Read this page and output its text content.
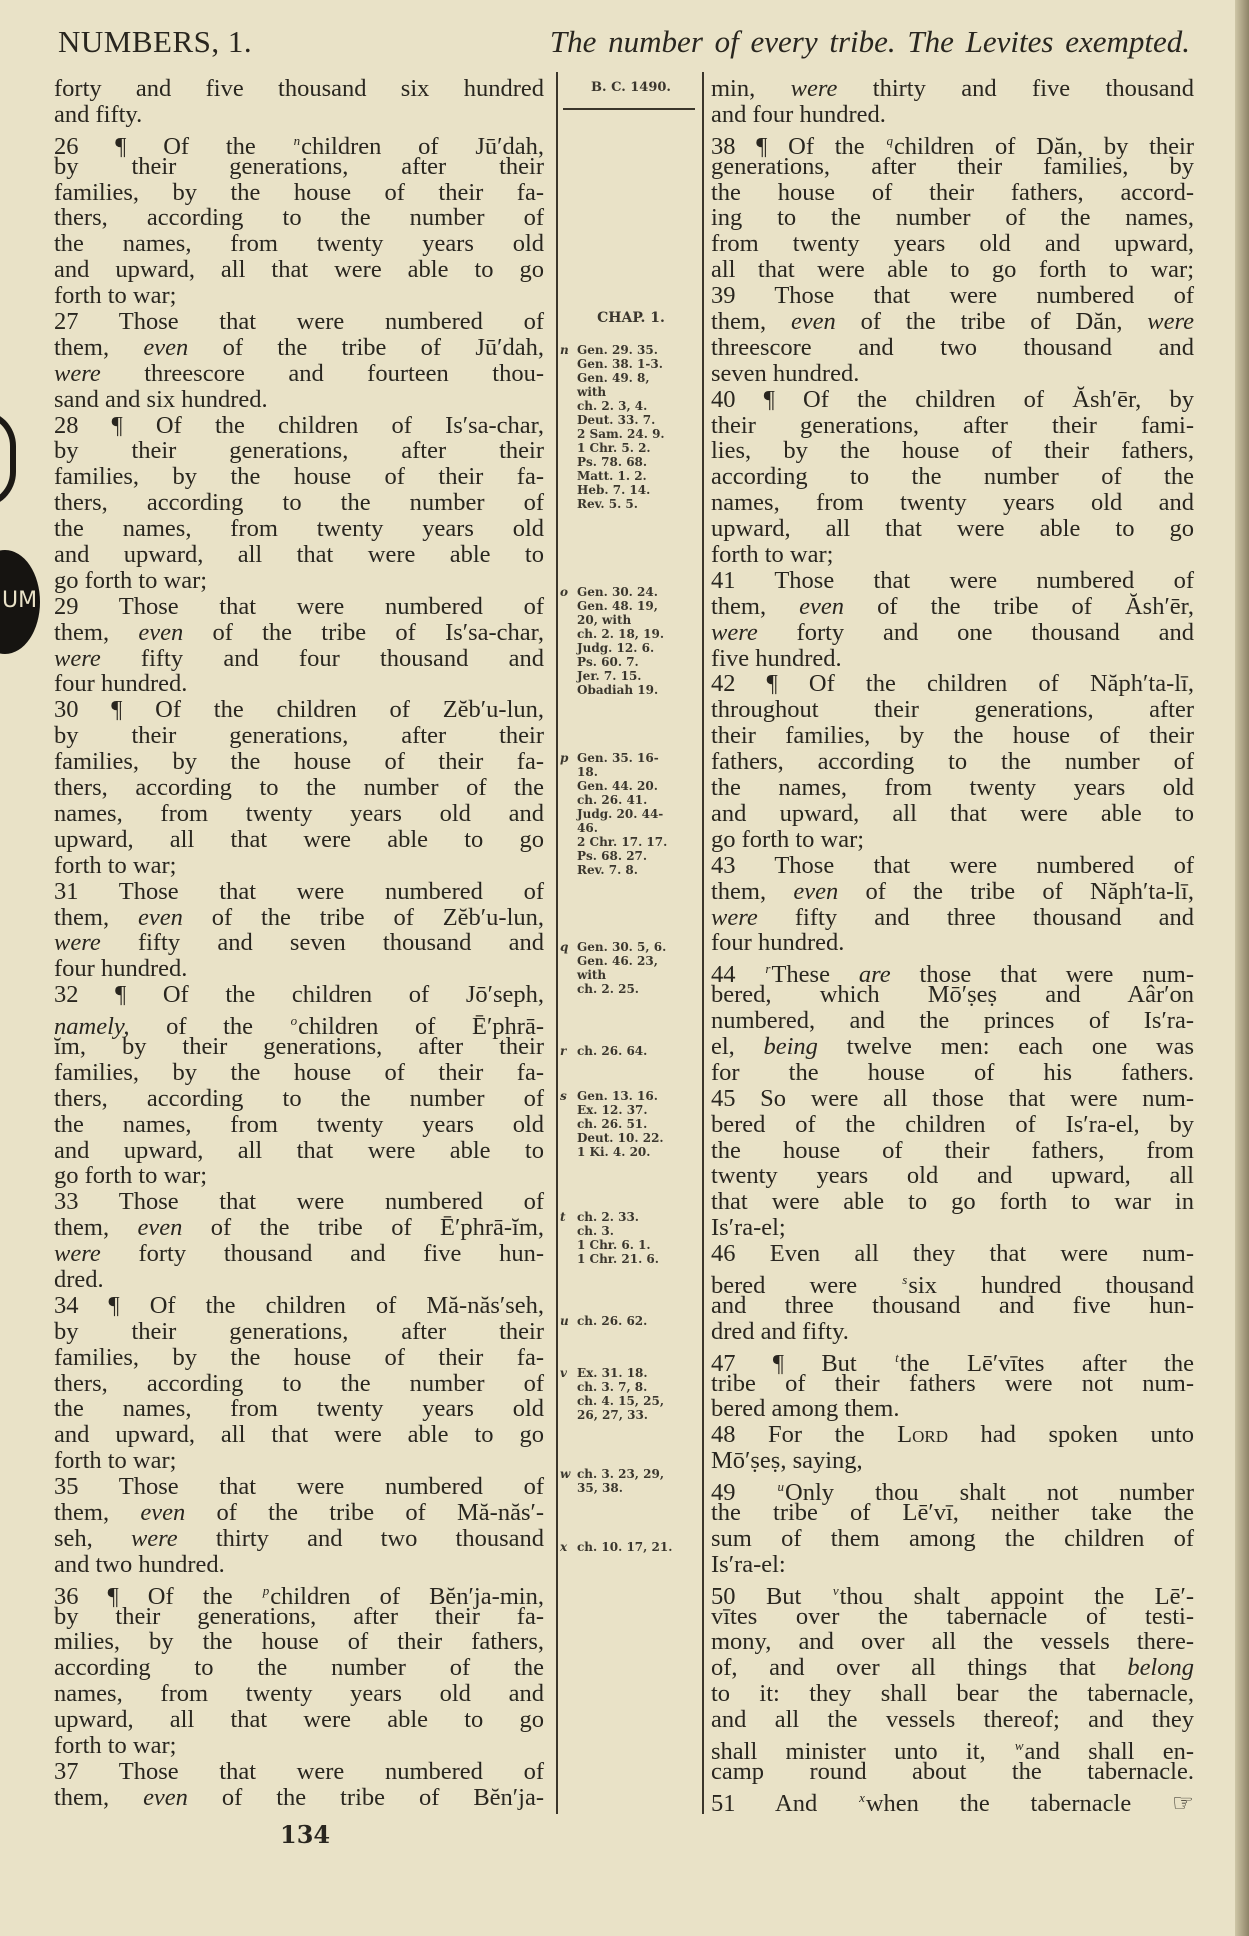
UM
NUMBERS, 1.	The number of every tribe. The Levites exempted.
B. C. 1490.
CHAP. 1.
forty and five thousand six hundred
and fifty.
26 ¶ Of the $^n$children of Jū′dah,
by their generations, after their
families, by the house of their fa-
thers, according to the number of
the names, from twenty years old
and upward, all that were able to go
forth to war;
27 Those that were numbered of
them, even of the tribe of Jū′dah,
were threescore and fourteen thou-
sand and six hundred.
28 ¶ Of the children of Is′sa-char,
by their generations, after their
families, by the house of their fa-
thers, according to the number of
the names, from twenty years old
and upward, all that were able to
go forth to war;
29 Those that were numbered of
them, even of the tribe of Is′sa-char,
were fifty and four thousand and
four hundred.
30 ¶ Of the children of Zĕb′u-lun,
by their generations, after their
families, by the house of their fa-
thers, according to the number of the
names, from twenty years old and
upward, all that were able to go
forth to war;
31 Those that were numbered of
them, even of the tribe of Zĕb′u-lun,
were fifty and seven thousand and
four hundred.
32 ¶ Of the children of Jō′seph,
namely, of the $^o$children of Ē′phrā-
ĭm, by their generations, after their
families, by the house of their fa-
thers, according to the number of
the names, from twenty years old
and upward, all that were able to
go forth to war;
33 Those that were numbered of
them, even of the tribe of Ē′phrā-ĭm,
were forty thousand and five hun-
dred.
34 ¶ Of the children of Mă-năs′seh,
by their generations, after their
families, by the house of their fa-
thers, according to the number of
the names, from twenty years old
and upward, all that were able to go
forth to war;
35 Those that were numbered of
them, even of the tribe of Mă-năs′-
seh, were thirty and two thousand
and two hundred.
36 ¶ Of the $^p$children of Bĕn′ja-min,
by their generations, after their fa-
milies, by the house of their fathers,
according to the number of the
names, from twenty years old and
upward, all that were able to go
forth to war;
37 Those that were numbered of
them, even of the tribe of Bĕn′ja-
min, were thirty and five thousand
and four hundred.
38 ¶ Of the $^q$children of Dăn, by their
generations, after their families, by
the house of their fathers, accord-
ing to the number of the names,
from twenty years old and upward,
all that were able to go forth to war;
39 Those that were numbered of
them, even of the tribe of Dăn, were
threescore and two thousand and
seven hundred.
40 ¶ Of the children of Ăsh′ēr, by
their generations, after their fami-
lies, by the house of their fathers,
according to the number of the
names, from twenty years old and
upward, all that were able to go
forth to war;
41 Those that were numbered of
them, even of the tribe of Ăsh′ēr,
were forty and one thousand and
five hundred.
42 ¶ Of the children of Năph′ta-lī,
throughout their generations, after
their families, by the house of their
fathers, according to the number of
the names, from twenty years old
and upward, all that were able to
go forth to war;
43 Those that were numbered of
them, even of the tribe of Năph′ta-lī,
were fifty and three thousand and
four hundred.
44 $^r$These are those that were num-
bered, which Mō′ṣeṣ and Aâr′on
numbered, and the princes of Is′ra-
el, being twelve men: each one was
for the house of his fathers.
45 So were all those that were num-
bered of the children of Is′ra-el, by
the house of their fathers, from
twenty years old and upward, all
that were able to go forth to war in
Is′ra-el;
46 Even all they that were num-
bered were $^s$six hundred thousand
and three thousand and five hun-
dred and fifty.
47 ¶ But $^t$the Lē′vītes after the
tribe of their fathers were not num-
bered among them.
48 For the Lord had spoken unto
Mō′ṣeṣ, saying,
49 $^u$Only thou shalt not number
the tribe of Lē′vī, neither take the
sum of them among the children of
Is′ra-el:
50 But $^v$thou shalt appoint the Lē′-
vītes over the tabernacle of testi-
mony, and over all the vessels there-
of, and over all things that belong
to it: they shall bear the tabernacle,
and all the vessels thereof; and they
shall minister unto it, $^w$and shall en-
camp round about the tabernacle.
51 And $^x$when the tabernacle ☞
n Gen. 29. 35.
Gen. 38. 1-3.
Gen. 49. 8,
with
ch. 2. 3, 4.
Deut. 33. 7.
2 Sam. 24. 9.
1 Chr. 5. 2.
Ps. 78. 68.
Matt. 1. 2.
Heb. 7. 14.
Rev. 5. 5.
o Gen. 30. 24.
Gen. 48. 19,
20, with
ch. 2. 18, 19.
Judg. 12. 6.
Ps. 60. 7.
Jer. 7. 15.
Obadiah 19.
p Gen. 35. 16-
18.
Gen. 44. 20.
ch. 26. 41.
Judg. 20. 44-
46.
2 Chr. 17. 17.
Ps. 68. 27.
Rev. 7. 8.
q Gen. 30. 5, 6.
Gen. 46. 23,
with
ch. 2. 25.
r ch. 26. 64.
s Gen. 13. 16.
Ex. 12. 37.
ch. 26. 51.
Deut. 10. 22.
1 Ki. 4. 20.
t ch. 2. 33.
ch. 3.
1 Chr. 6. 1.
1 Chr. 21. 6.
u ch. 26. 62.
v Ex. 31. 18.
ch. 3. 7, 8.
ch. 4. 15, 25,
26, 27, 33.
w ch. 3. 23, 29,
35, 38.
x ch. 10. 17, 21.
134
